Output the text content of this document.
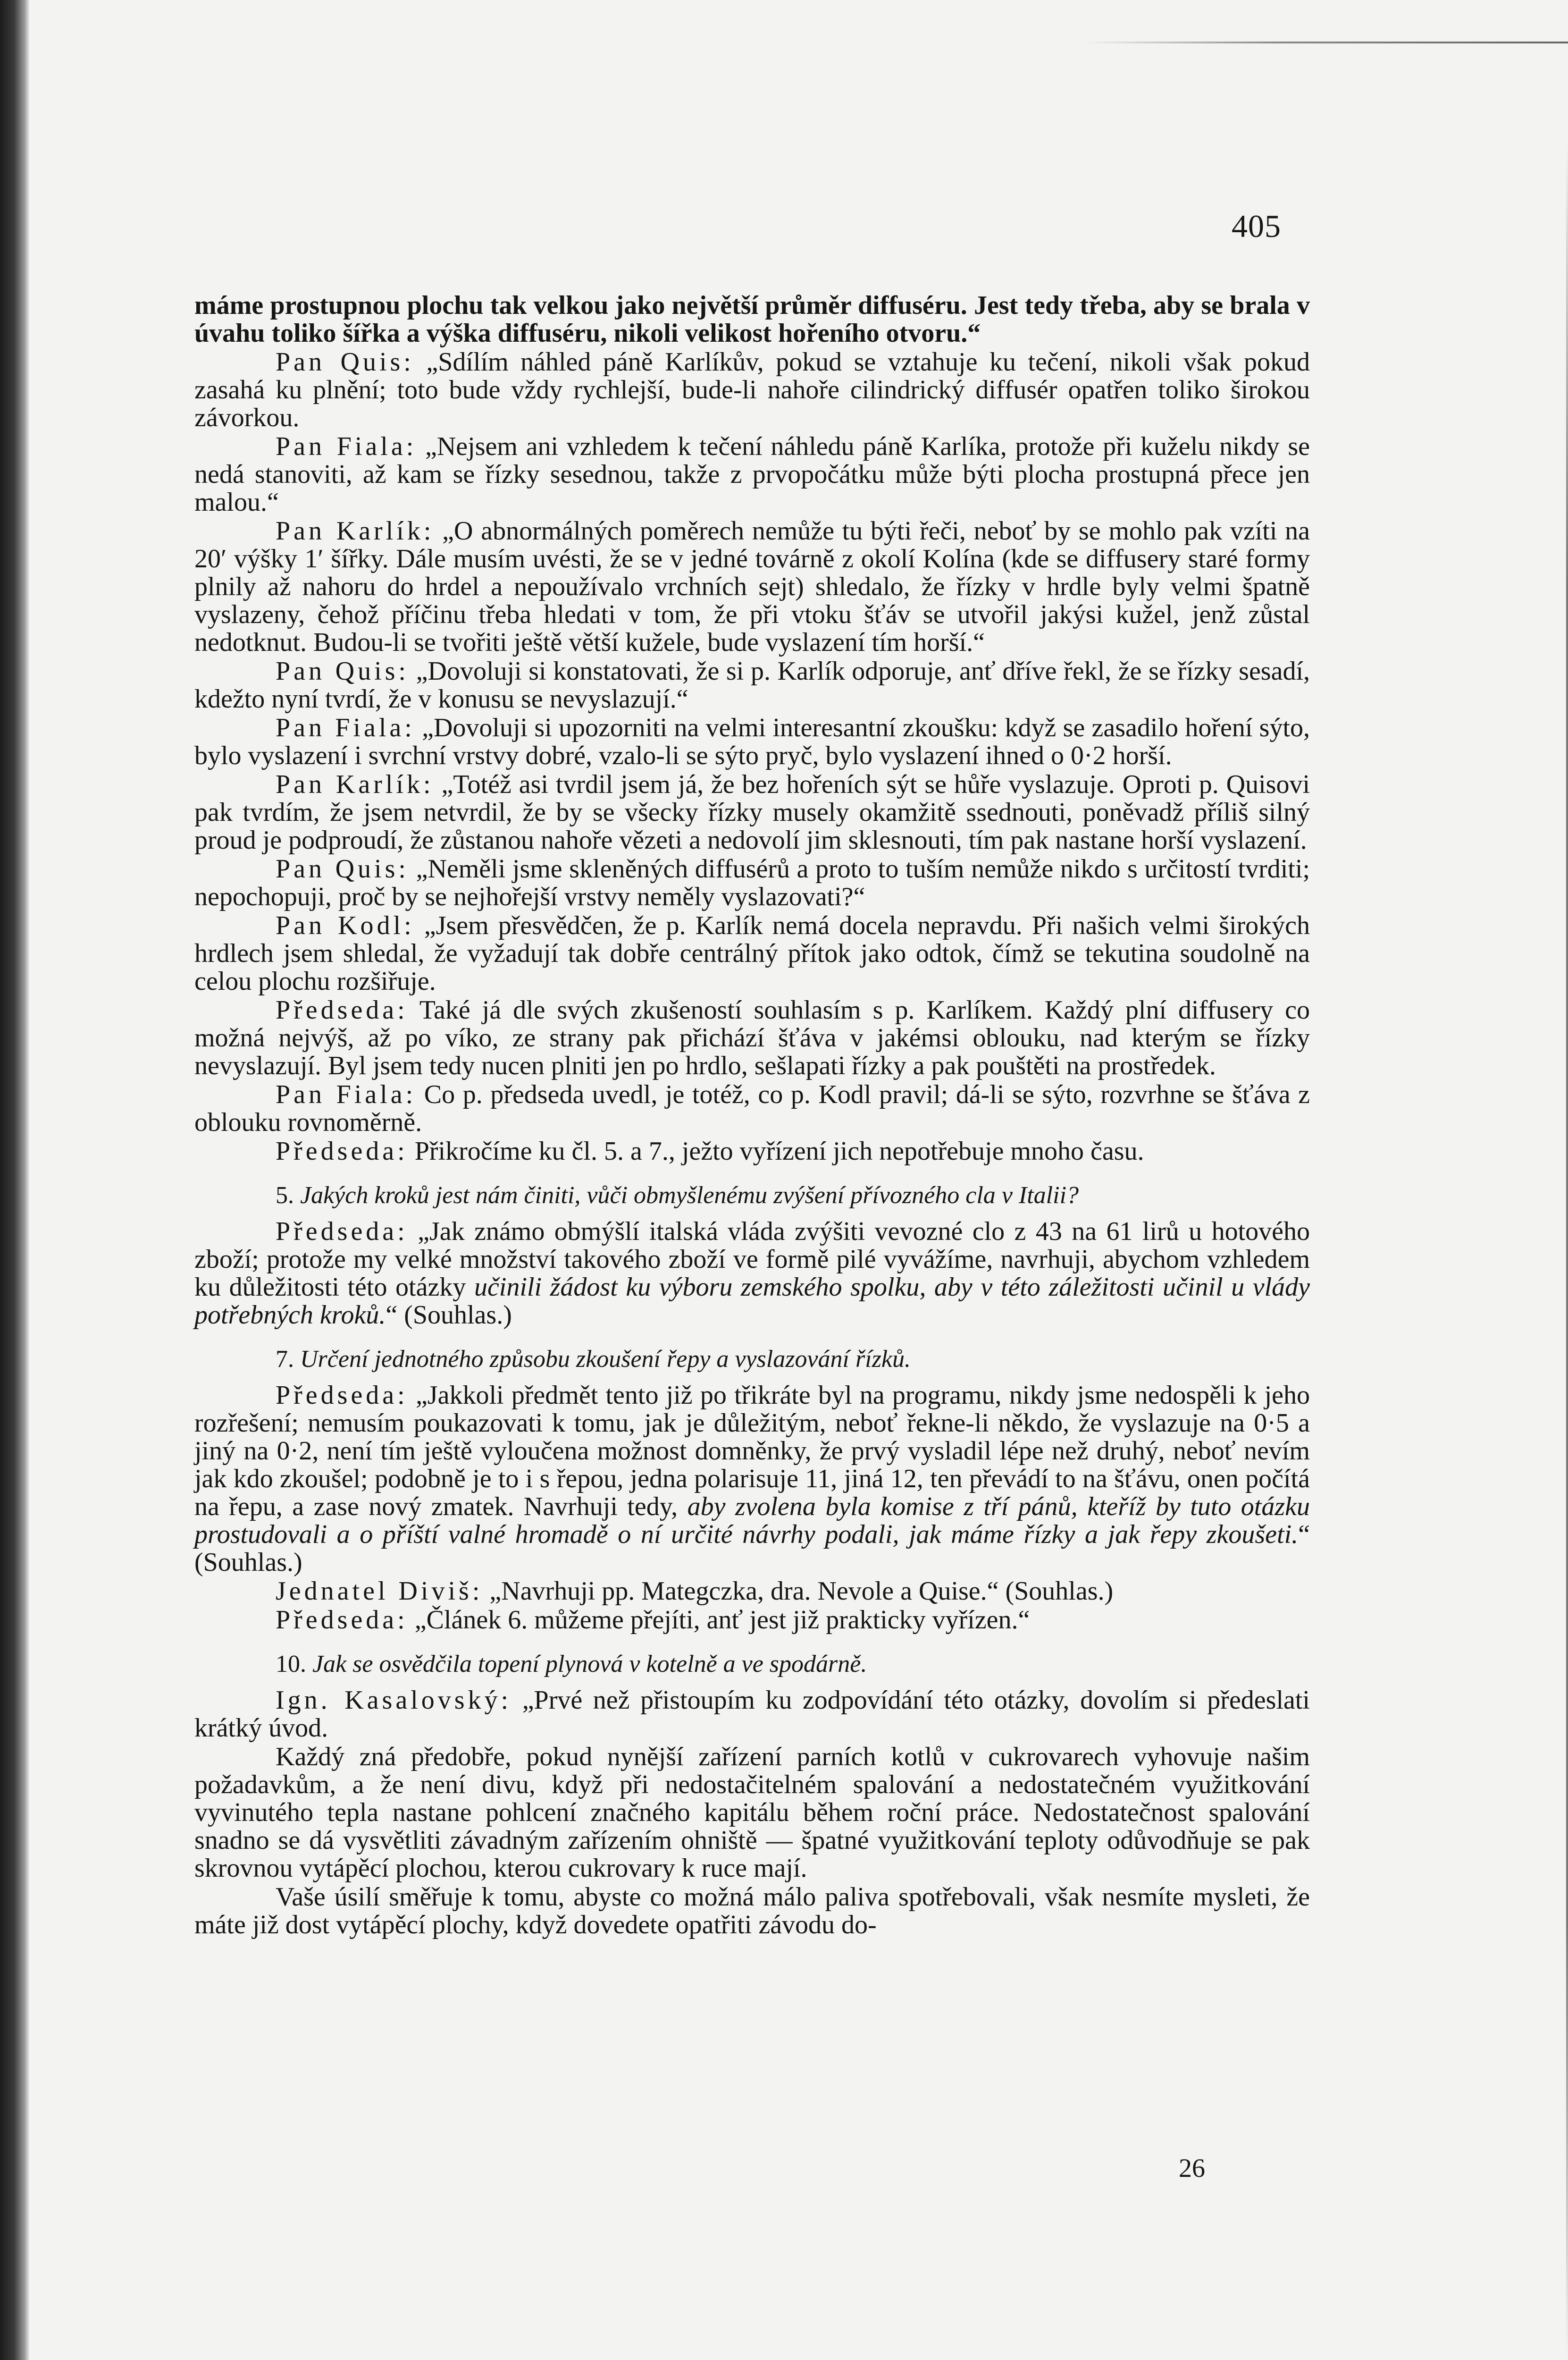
405

máme prostupnou plochu tak velkou jako největší průměr diffuséru. Jest tedy třeba, aby se brala v úvahu toliko šířka a výška diffuséru, nikoli velikost hořeního otvoru.“

Pan Quis: „Sdílím náhled páně Karlíkův, pokud se vztahuje ku tečení, nikoli však pokud zasahá ku plnění; toto bude vždy rychlejší, bude-li nahoře cilindrický diffusér opatřen toliko širokou závorkou.

Pan Fiala: „Nejsem ani vzhledem k tečení náhledu páně Karlíka, protože při kuželu nikdy se nedá stanoviti, až kam se řízky sesednou, takže z prvopočátku může býti plocha prostupná přece jen malou.“

Pan Karlík: „O abnormálných poměrech nemůže tu býti řeči, neboť by se mohlo pak vzíti na 20′ výšky 1′ šířky. Dále musím uvésti, že se v jedné továrně z okolí Kolína (kde se diffusery staré formy plnily až nahoru do hrdel a nepoužívalo vrchních sejt) shledalo, že řízky v hrdle byly velmi špatně vyslazeny, čehož příčinu třeba hledati v tom, že při vtoku šťáv se utvořil jakýsi kužel, jenž zůstal nedotknut. Budou-li se tvořiti ještě větší kužele, bude vyslazení tím horší.“

Pan Quis: „Dovoluji si konstatovati, že si p. Karlík odporuje, anť dříve řekl, že se řízky sesadí, kdežto nyní tvrdí, že v konusu se nevyslazují.“

Pan Fiala: „Dovoluji si upozorniti na velmi interesantní zkoušku: když se zasadilo hoření sýto, bylo vyslazení i svrchní vrstvy dobré, vzalo-li se sýto pryč, bylo vyslazení ihned o 0·2 horší.

Pan Karlík: „Totéž asi tvrdil jsem já, že bez hořeních sýt se hůře vyslazuje. Oproti p. Quisovi pak tvrdím, že jsem netvrdil, že by se všecky řízky musely okamžitě ssednouti, poněvadž příliš silný proud je podproudí, že zůstanou nahoře vězeti a nedovolí jim sklesnouti, tím pak nastane horší vyslazení.

Pan Quis: „Neměli jsme skleněných diffusérů a proto to tuším nemůže nikdo s určitostí tvrditi; nepochopuji, proč by se nejhořejší vrstvy neměly vyslazovati?“

Pan Kodl: „Jsem přesvědčen, že p. Karlík nemá docela nepravdu. Při našich velmi širokých hrdlech jsem shledal, že vyžadují tak dobře centrálný přítok jako odtok, čímž se tekutina soudolně na celou plochu rozšiřuje.

Předseda: Také já dle svých zkušeností souhlasím s p. Karlíkem. Každý plní diffusery co možná nejvýš, až po víko, ze strany pak přichází šťáva v jakémsi oblouku, nad kterým se řízky nevyslazují. Byl jsem tedy nucen plniti jen po hrdlo, sešlapati řízky a pak pouštěti na prostředek.

Pan Fiala: Co p. předseda uvedl, je totéž, co p. Kodl pravil; dá-li se sýto, rozvrhne se šťáva z oblouku rovnoměrně.

Předseda: Přikročíme ku čl. 5. a 7., ježto vyřízení jich nepotřebuje mnoho času.

5. Jakých kroků jest nám činiti, vůči obmyšlenému zvýšení přívozného cla v Italii?

Předseda: „Jak známo obmýšlí italská vláda zvýšiti vevozné clo z 43 na 61 lirů u hotového zboží; protože my velké množství takového zboží ve formě pilé vyvážíme, navrhuji, abychom vzhledem ku důležitosti této otázky učinili žádost ku výboru zemského spolku, aby v této záležitosti učinil u vlády potřebných kroků.“ (Souhlas.)

7. Určení jednotného způsobu zkoušení řepy a vyslazování řízků.

Předseda: „Jakkoli předmět tento již po třikráte byl na programu, nikdy jsme nedospěli k jeho rozřešení; nemusím poukazovati k tomu, jak je důležitým, neboť řekne-li někdo, že vyslazuje na 0·5 a jiný na 0·2, není tím ještě vyloučena možnost domněnky, že prvý vysladil lépe než druhý, neboť nevím jak kdo zkoušel; podobně je to i s řepou, jedna polarisuje 11, jiná 12, ten převádí to na šťávu, onen počítá na řepu, a zase nový zmatek. Navrhuji tedy, aby zvolena byla komise z tří pánů, kteříž by tuto otázku prostudovali a o příští valné hromadě o ní určité návrhy podali, jak máme řízky a jak řepy zkoušeti.“ (Souhlas.)

Jednatel Diviš: „Navrhuji pp. Mategczka, dra. Nevole a Quise.“ (Souhlas.)

Předseda: „Článek 6. můžeme přejíti, anť jest již prakticky vyřízen.“

10. Jak se osvědčila topení plynová v kotelně a ve spodárně.

Ign. Kasalovský: „Prvé než přistoupím ku zodpovídání této otázky, dovolím si předeslati krátký úvod.

Každý zná předobře, pokud nynější zařízení parních kotlů v cukrovarech vyhovuje našim požadavkům, a že není divu, když při nedostačitelném spalování a nedostatečném využitkování vyvinutého tepla nastane pohlcení značného kapitálu během roční práce. Nedostatečnost spalování snadno se dá vysvětliti závadným zařízením ohniště — špatné využitkování teploty odůvodňuje se pak skrovnou vytápěcí plochou, kterou cukrovary k ruce mají.

Vaše úsilí směřuje k tomu, abyste co možná málo paliva spotřebovali, však nesmíte mysleti, že máte již dost vytápěcí plochy, když dovedete opatřiti závodu do-

26
